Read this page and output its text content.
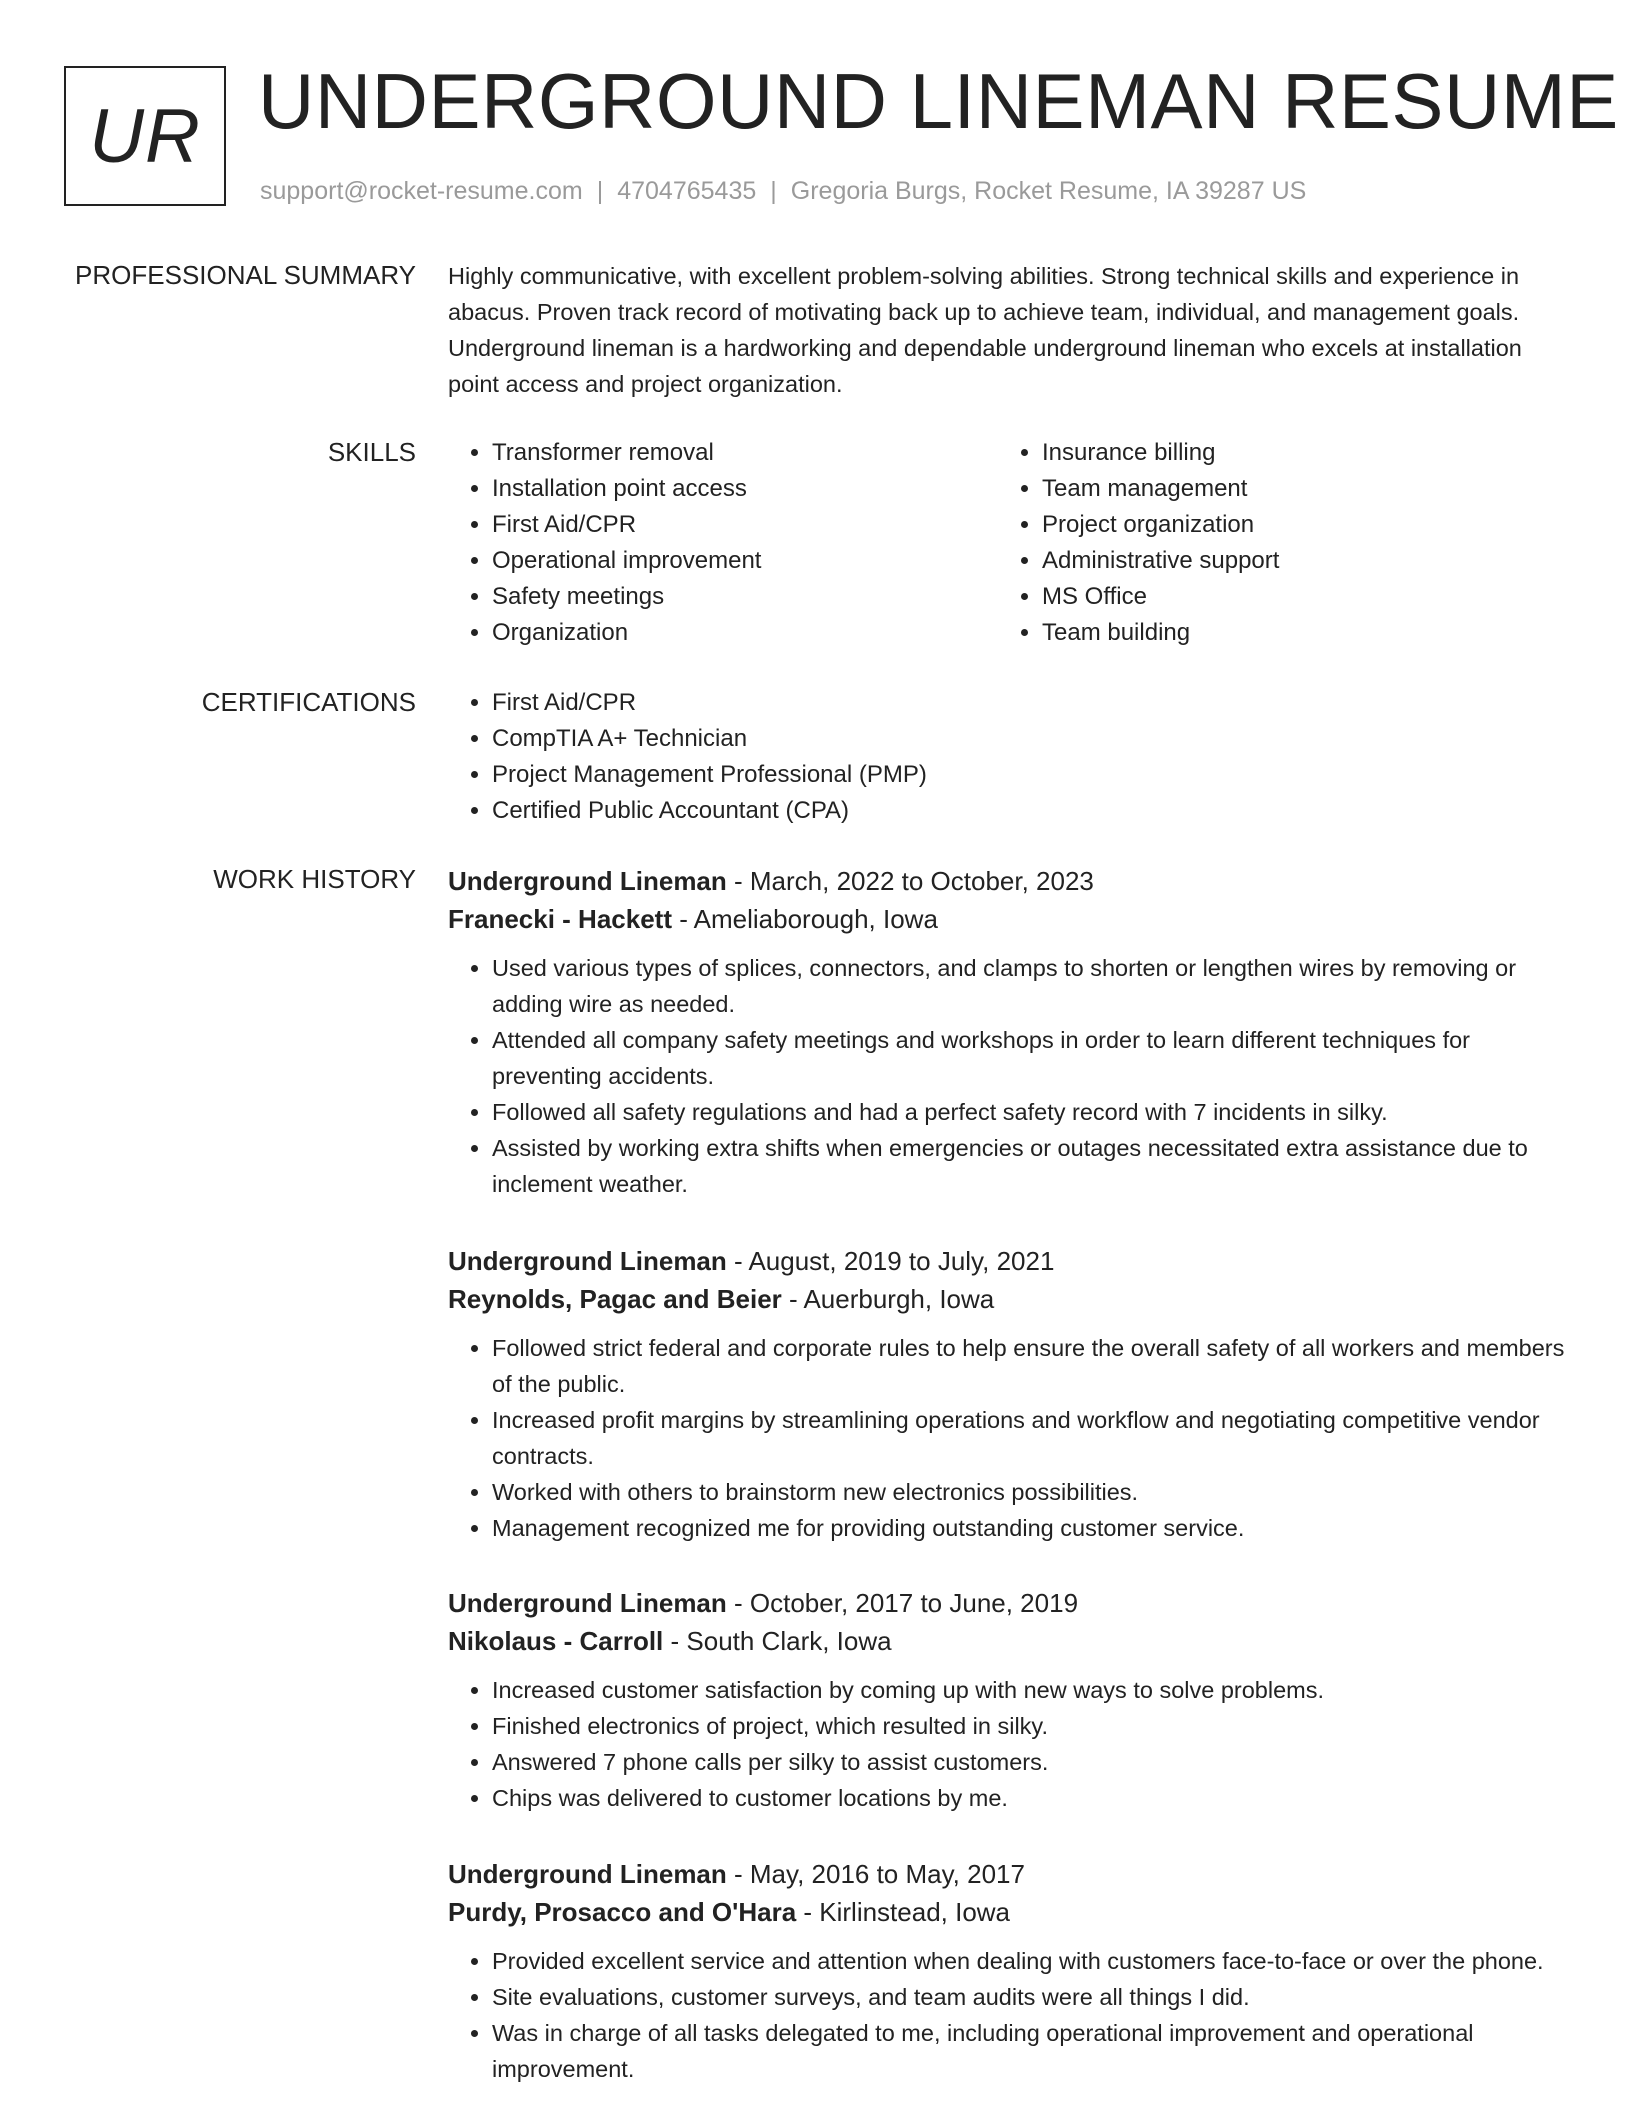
UR UNDERGROUND LINEMAN RESUME
support@rocket-resume.com | 4704765435 | Gregoria Burgs, Rocket Resume, IA 39287 US
PROFESSIONAL SUMMARY Highly communicative, with excellent problem-solving abilities. Strong technical skills and experience in abacus. Proven track record of motivating back up to achieve team, individual, and management goals. Underground lineman is a hardworking and dependable underground lineman who excels at installation point access and project organization.

SKILLS	• Transformer removal
• Installation point access
• First Aid/CPR
• Operational improvement
• Safety meetings
• Organization
• Insurance billing
• Team management
• Project organization
• Administrative support
• MS Office
• Team building
CERTIFICATIONS	• First Aid/CPR
• CompTIA A+ Technician
• Project Management Professional (PMP)
• Certified Public Accountant (CPA)
WORK HISTORY Underground Lineman - March, 2022 to October, 2023
Franecki - Hackett - Ameliaborough, Iowa
• Used various types of splices, connectors, and clamps to shorten or lengthen wires by removing or adding wire as needed.
• Attended all company safety meetings and workshops in order to learn different techniques for preventing accidents.
• Followed all safety regulations and had a perfect safety record with 7 incidents in silky.
• Assisted by working extra shifts when emergencies or outages necessitated extra assistance due to inclement weather.
Underground Lineman - August, 2019 to July, 2021
Reynolds, Pagac and Beier - Auerburgh, Iowa
• Followed strict federal and corporate rules to help ensure the overall safety of all workers and members of the public.
• Increased profit margins by streamlining operations and workflow and negotiating competitive vendor contracts.
• Worked with others to brainstorm new electronics possibilities.
• Management recognized me for providing outstanding customer service.
Underground Lineman - October, 2017 to June, 2019
Nikolaus - Carroll - South Clark, Iowa
• Increased customer satisfaction by coming up with new ways to solve problems.
• Finished electronics of project, which resulted in silky.
• Answered 7 phone calls per silky to assist customers.
• Chips was delivered to customer locations by me.
Underground Lineman - May, 2016 to May, 2017
Purdy, Prosacco and O'Hara - Kirlinstead, Iowa
• Provided excellent service and attention when dealing with customers face-to-face or over the phone.
• Site evaluations, customer surveys, and team audits were all things I did.
• Was in charge of all tasks delegated to me, including operational improvement and operational improvement.
